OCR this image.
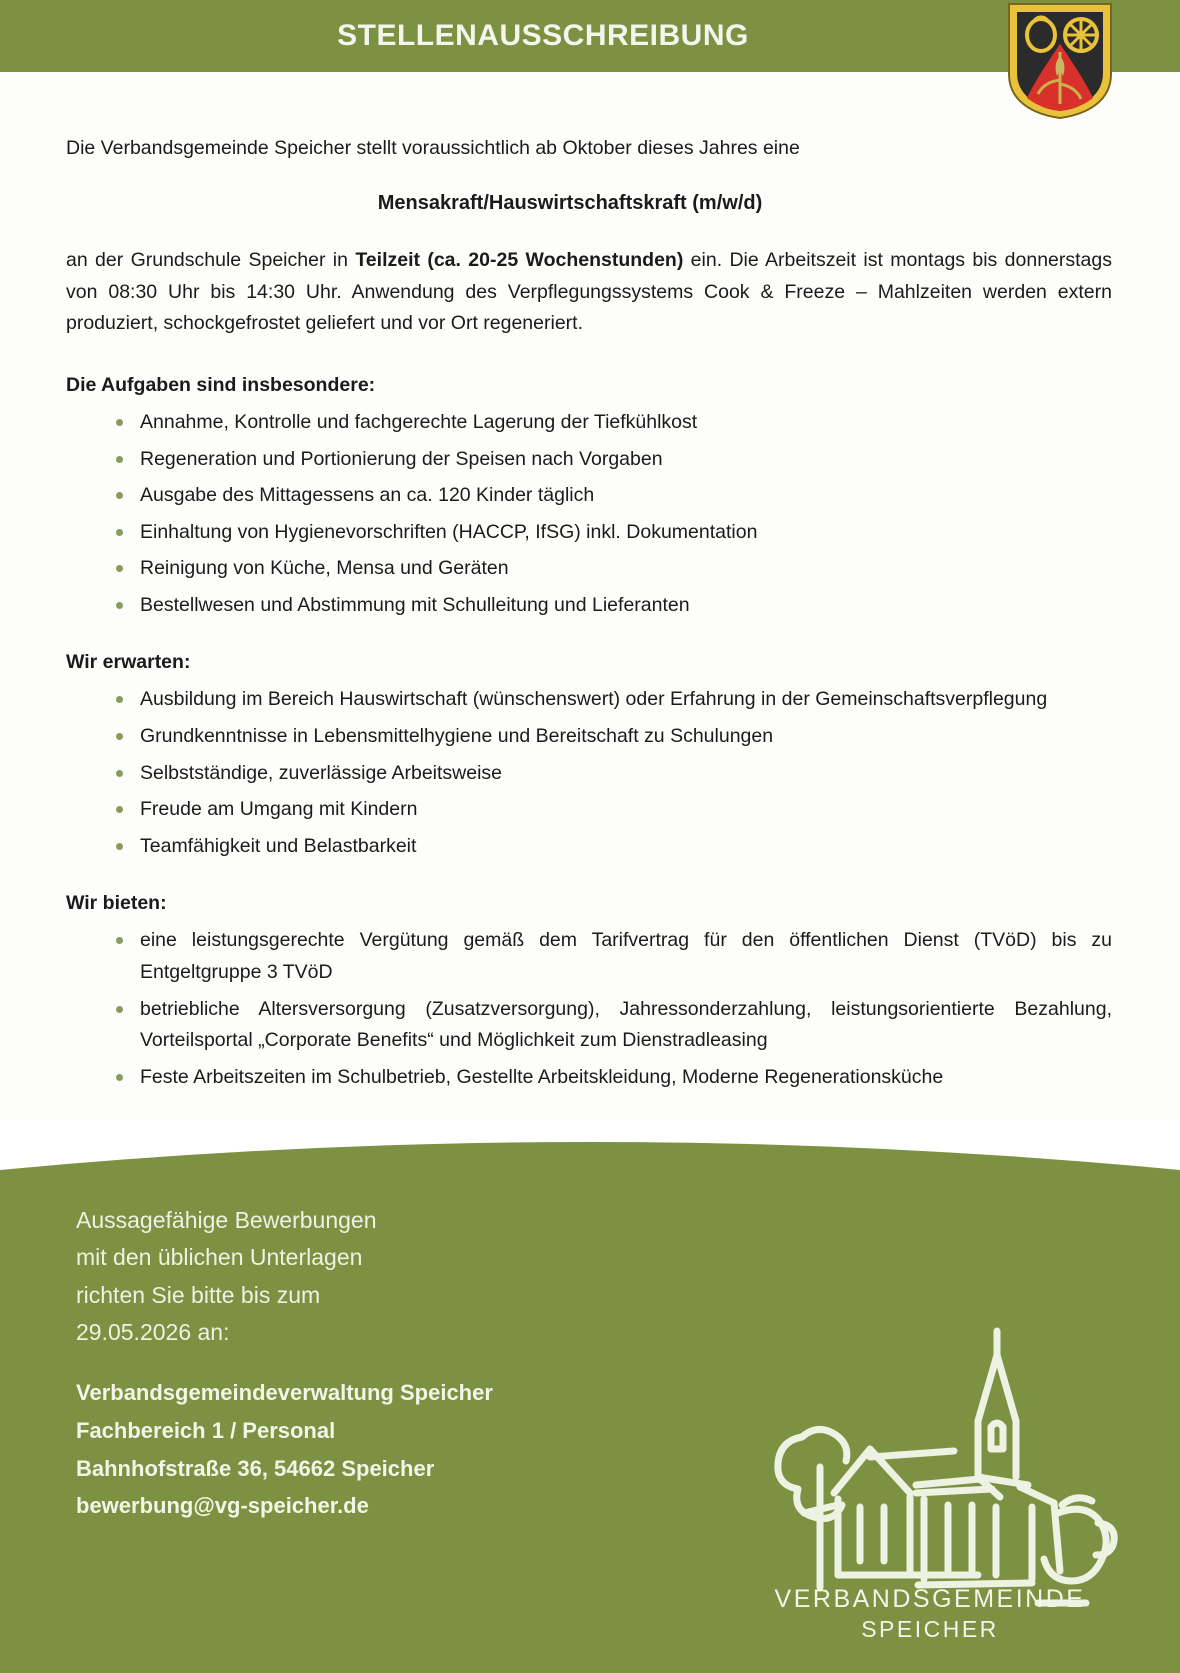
STELLENAUSSCHREIBUNG

Die Verbandsgemeinde Speicher stellt voraussichtlich ab Oktober dieses Jahres eine

Mensakraft/Hauswirtschaftskraft (m/w/d)

an der Grundschule Speicher in Teilzeit (ca. 20-25 Wochenstunden) ein. Die Arbeitszeit ist montags bis donnerstags von 08:30 Uhr bis 14:30 Uhr. Anwendung des Verpflegungssystems Cook & Freeze – Mahlzeiten werden extern produziert, schockgefrostet geliefert und vor Ort regeneriert.

Die Aufgaben sind insbesondere:
Annahme, Kontrolle und fachgerechte Lagerung der Tiefkühlkost
Regeneration und Portionierung der Speisen nach Vorgaben
Ausgabe des Mittagessens an ca. 120 Kinder täglich
Einhaltung von Hygienevorschriften (HACCP, IfSG) inkl. Dokumentation
Reinigung von Küche, Mensa und Geräten
Bestellwesen und Abstimmung mit Schulleitung und Lieferanten
Wir erwarten:
Ausbildung im Bereich Hauswirtschaft (wünschenswert) oder Erfahrung in der Gemeinschaftsverpflegung
Grundkenntnisse in Lebensmittelhygiene und Bereitschaft zu Schulungen
Selbstständige, zuverlässige Arbeitsweise
Freude am Umgang mit Kindern
Teamfähigkeit und Belastbarkeit
Wir bieten:
eine leistungsgerechte Vergütung gemäß dem Tarifvertrag für den öffentlichen Dienst (TVöD) bis zu Entgeltgruppe 3 TVöD
betriebliche Altersversorgung (Zusatzversorgung), Jahressonderzahlung, leistungsorientierte Bezahlung, Vorteilsportal „Corporate Benefits“ und Möglichkeit zum Dienstradleasing
Feste Arbeitszeiten im Schulbetrieb, Gestellte Arbeitskleidung, Moderne Regenerationsküche
Aussagefähige Bewerbungen
mit den üblichen Unterlagen
richten Sie bitte bis zum
29.05.2026 an:
Verbandsgemeindeverwaltung Speicher
Fachbereich 1 / Personal
Bahnhofstraße 36, 54662 Speicher
bewerbung@vg-speicher.de
VERBANDSGEMEINDE
SPEICHER
